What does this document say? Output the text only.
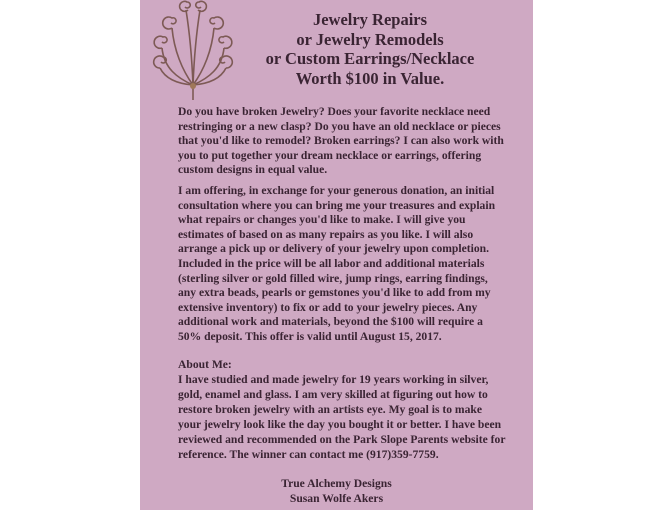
Jewelry Repairs
or Jewelry Remodels
or Custom Earrings/Necklace
Worth $100 in Value.
Do you have broken Jewelry? Does your favorite necklace need
restringing or a new clasp? Do you have an old necklace or pieces
that you'd like to remodel? Broken earrings? I can also work with
you to put together your dream necklace or earrings, offering
custom designs in equal value.
I am offering, in exchange for your generous donation, an initial
consultation where you can bring me your treasures and explain
what repairs or changes you'd like to make. I will give you
estimates of based on as many repairs as you like. I will also
arrange a pick up or delivery of your jewelry upon completion.
Included in the price will be all labor and additional materials
(sterling silver or gold filled wire, jump rings, earring findings,
any extra beads, pearls or gemstones you'd like to add from my
extensive inventory) to fix or add to your jewelry pieces. Any
additional work and materials, beyond the $100 will require a
50% deposit. This offer is valid until August 15, 2017.
About Me:
I have studied and made jewelry for 19 years working in silver,
gold, enamel and glass. I am very skilled at figuring out how to
restore broken jewelry with an artists eye. My goal is to make
your jewelry look like the day you bought it or better. I have been
reviewed and recommended on the Park Slope Parents website for
reference. The winner can contact me (917)359-7759.
True Alchemy Designs
Susan Wolfe Akers
